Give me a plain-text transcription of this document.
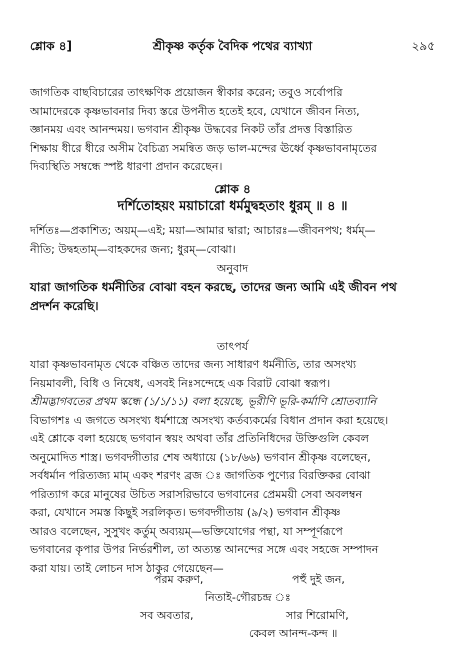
শ্লোক ৪]	শ্রীকৃষ্ণ কর্তৃক বৈদিক পথের ব্যাখ্যা	২৯৫
জাগতিক বাছবিচারের তাৎক্ষণিক প্রয়োজন স্বীকার করেন; তবুও সর্বোপরি
আমাদেরকে কৃষ্ণভাবনার দিব্য স্তরে উপনীত হতেই হবে, যেখানে জীবন নিত্য,
জ্ঞানময় এবং আনন্দময়। ভগবান শ্রীকৃষ্ণ উদ্ধবের নিকট তাঁর প্রদত্ত বিস্তারিত
শিক্ষায় ধীরে ধীরে অসীম বৈচিত্র্য সমন্বিত জড় ভাল-মন্দের ঊর্ধ্বে কৃষ্ণভাবনামৃতের
দিব্যস্থিতি সম্বন্ধে স্পষ্ট ধারণা প্রদান করেছেন।
শ্লোক ৪
দর্শিতোহয়ং ময়াচারো ধর্মমুদ্বহতাং ধুরম্ ॥ ৪ ॥
দর্শিতঃ—প্রকাশিত; অয়ম্—এই; ময়া—আমার দ্বারা; আচারঃ—জীবনপথ; ধর্মম্—
নীতি; উদ্বহতাম্—বাহকদের জন্য; ধুরম্—বোঝা।
অনুবাদ
যারা জাগতিক ধর্মনীতির বোঝা বহন করছে, তাদের জন্য আমি এই জীবন পথ
প্রদর্শন করেছি।
তাৎপর্য
যারা কৃষ্ণভাবনামৃত থেকে বঞ্চিত তাদের জন্য সাধারণ ধর্মনীতি, তার অসংখ্য
নিয়মাবলী, বিধি ও নিষেধ, এসবই নিঃসন্দেহে এক বিরাট বোঝা স্বরূপ।
শ্রীমদ্ভাগবতের প্রথম স্কন্ধে (১/১/১১) বলা হয়েছে, ভূরীণি ভূরি-কর্মাণি শ্রোতব্যানি
বিভাগশঃ এ জগতে অসংখ্য ধর্মশাস্ত্রে অসংখ্য কর্তব্যকর্মের বিধান প্রদান করা হয়েছে।
এই শ্লোকে বলা হয়েছে ভগবান স্বয়ং অথবা তাঁর প্রতিনিধিদের উক্তিগুলি কেবল
অনুমোদিত শাস্ত্র। ভগবদ্গীতার শেষ অধ্যায়ে (১৮/৬৬) ভগবান শ্রীকৃষ্ণ বলেছেন,
সর্বধর্মান পরিত্যজ্য মাম্ একং শরণং ব্রজ ঃ জাগতিক পুণ্যের বিরক্তিকর বোঝা
পরিত্যাগ করে মানুষের উচিত সরাসরিভাবে ভগবানের প্রেমময়ী সেবা অবলম্বন
করা, যেখানে সমস্ত কিছুই সরলিকৃত। ভগবদ্গীতায় (৯/২) ভগবান শ্রীকৃষ্ণ
আরও বলেছেন, সুসুখং কর্তুম্ অব্যয়ম্—ভক্তিযোগের পন্থা, যা সম্পূর্ণরূপে
ভগবানের কৃপার উপর নির্ভরশীল, তা অত্যন্ত আনন্দের সঙ্গে এবং সহজে সম্পাদন
করা যায়। তাই লোচন দাস ঠাকুর গেয়েছেন—
পরম করুণ,	পহুঁ দুই জন,
নিতাই-গৌরচন্দ্র ঃ
সব অবতার,	সার শিরোমণি,
কেবল আনন্দ-কন্দ ॥
